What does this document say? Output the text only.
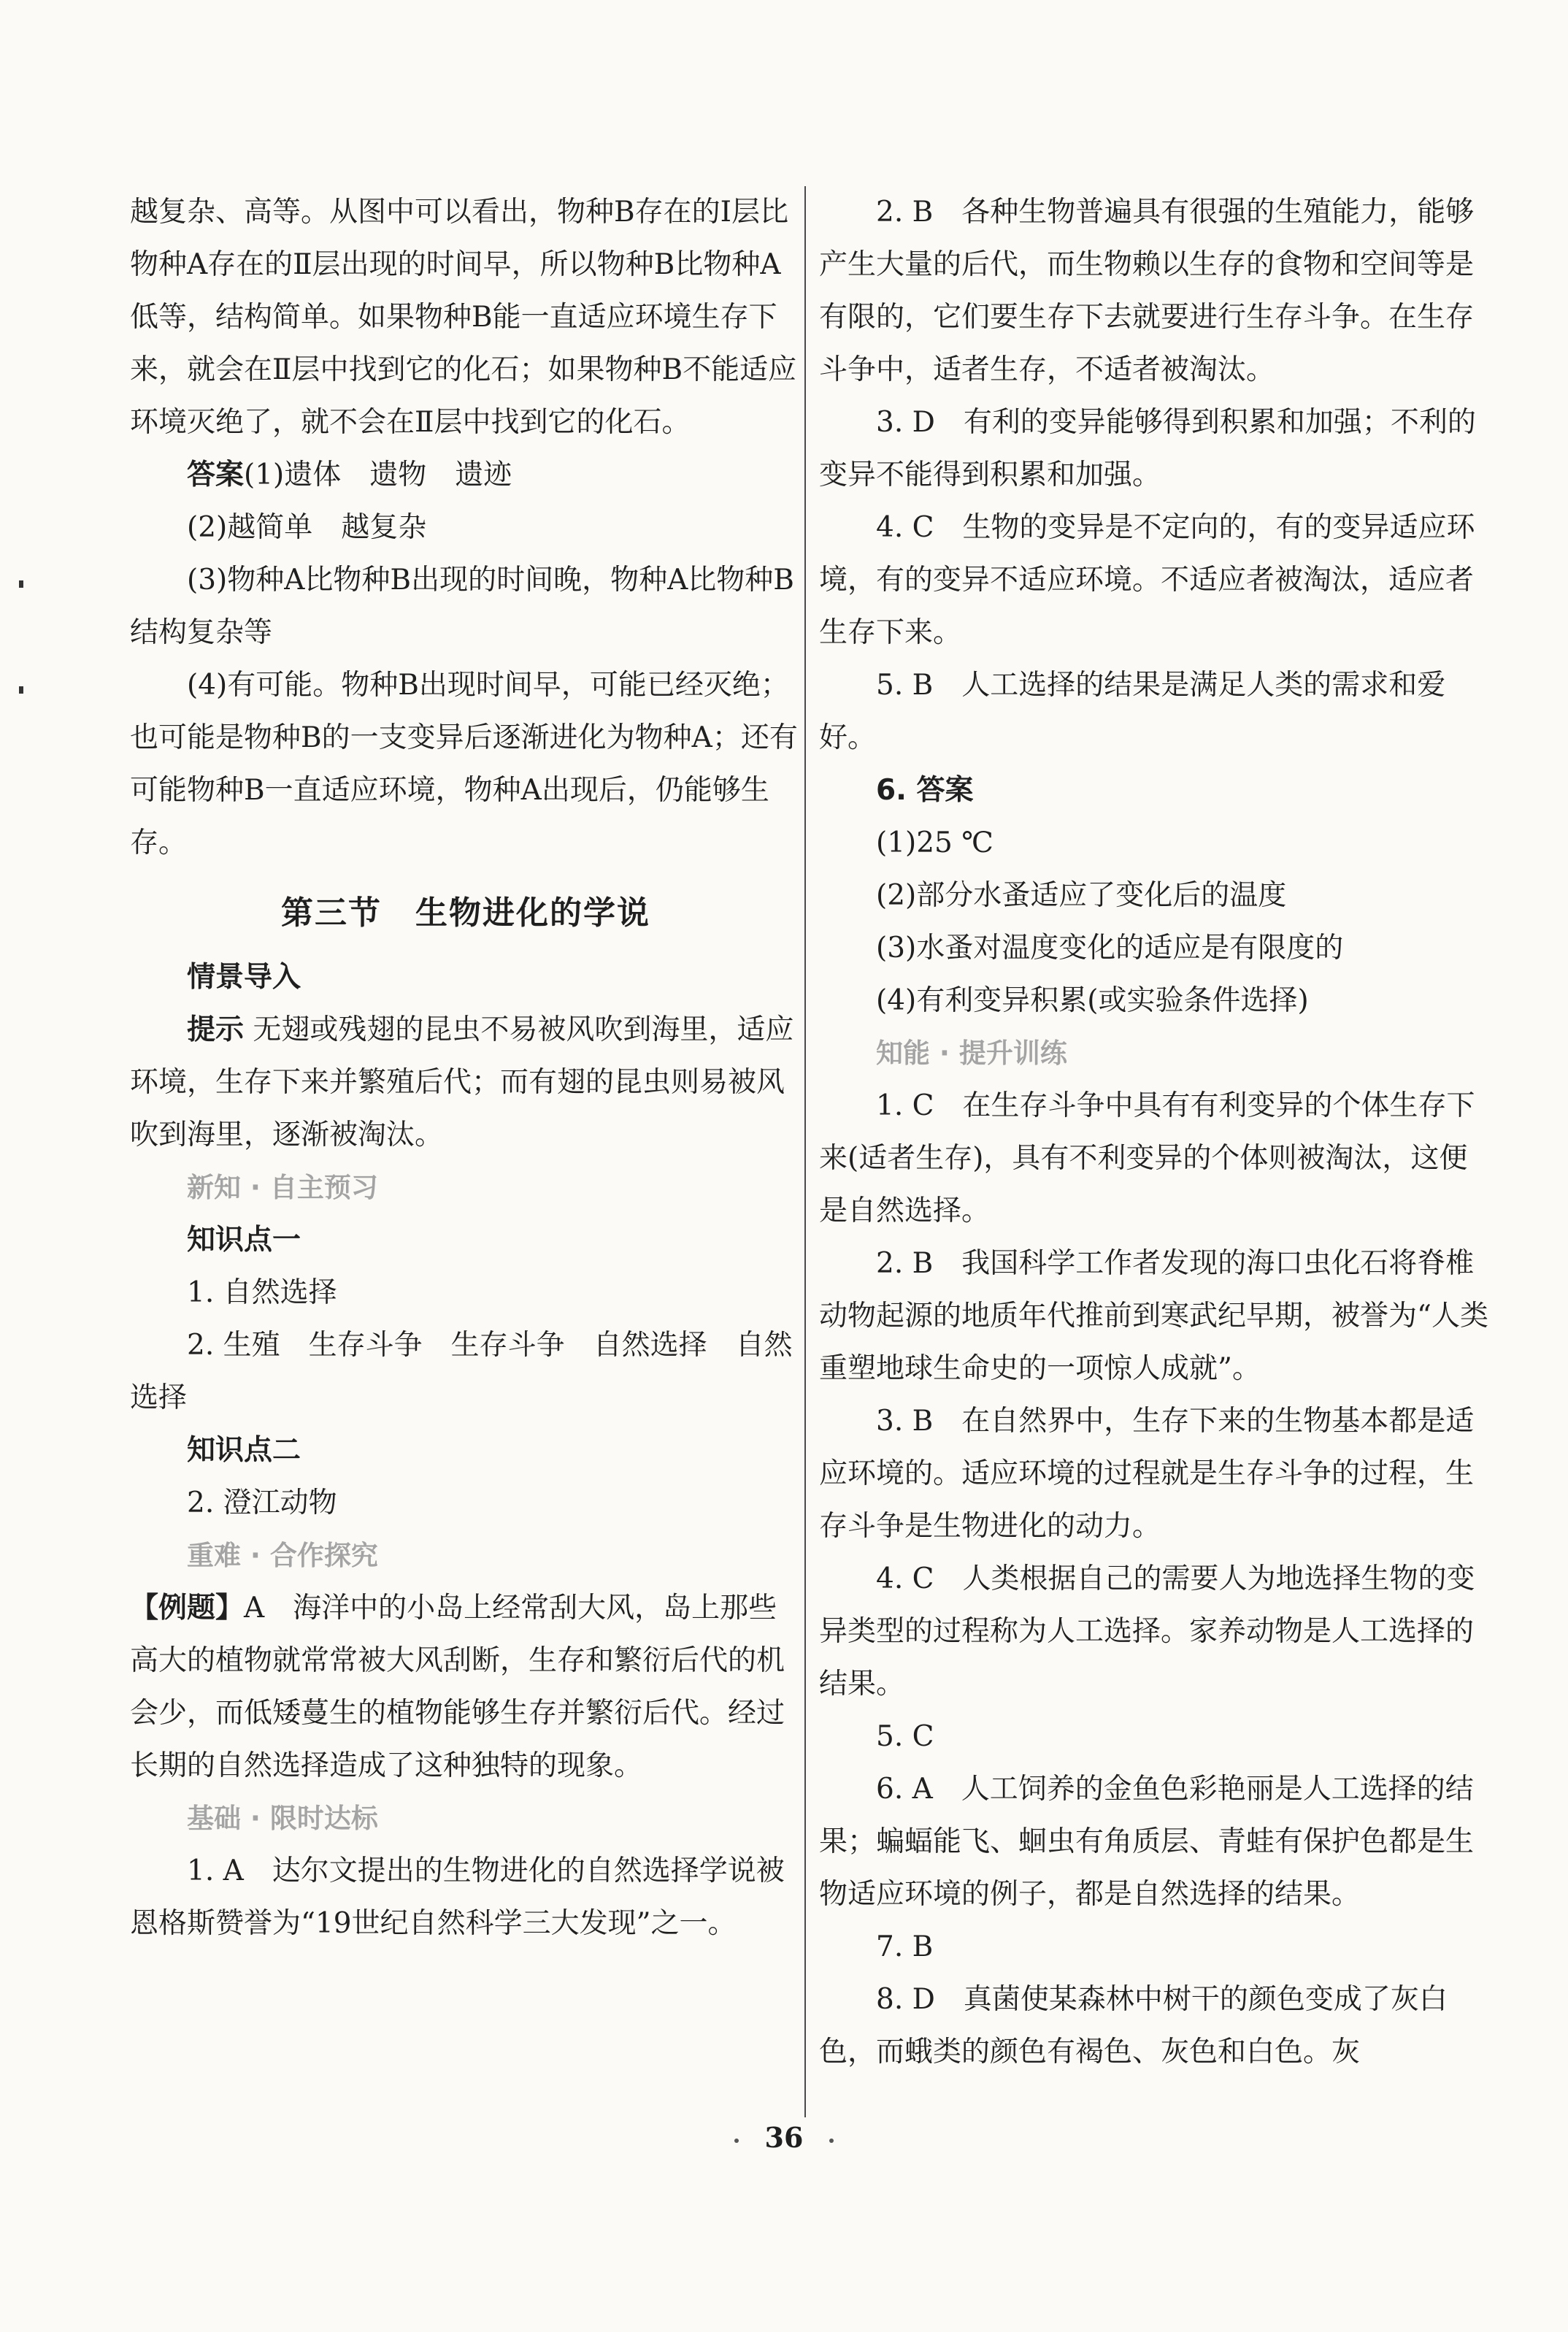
越复杂、高等。从图中可以看出，物种B存在的Ⅰ层比物种A存在的Ⅱ层出现的时间早，所以物种B比物种A低等，结构简单。如果物种B能一直适应环境生存下来，就会在Ⅱ层中找到它的化石；如果物种B不能适应环境灭绝了，就不会在Ⅱ层中找到它的化石。

答案(1)遗体　遗物　遗迹

(2)越简单　越复杂

(3)物种A比物种B出现的时间晚，物种A比物种B结构复杂等

(4)有可能。物种B出现时间早，可能已经灭绝；也可能是物种B的一支变异后逐渐进化为物种A；还有可能物种B一直适应环境，物种A出现后，仍能够生存。

第三节　生物进化的学说

情景导入

提示 无翅或残翅的昆虫不易被风吹到海里，适应环境，生存下来并繁殖后代；而有翅的昆虫则易被风吹到海里，逐渐被淘汰。

新知 · 自主预习

知识点一

1. 自然选择

2. 生殖　生存斗争　生存斗争　自然选择　自然选择

知识点二

2. 澄江动物

重难 · 合作探究

【例题】A　海洋中的小岛上经常刮大风，岛上那些高大的植物就常常被大风刮断，生存和繁衍后代的机会少，而低矮蔓生的植物能够生存并繁衍后代。经过长期的自然选择造成了这种独特的现象。

基础 · 限时达标

1. A　达尔文提出的生物进化的自然选择学说被恩格斯赞誉为“19世纪自然科学三大发现”之一。

2. B　各种生物普遍具有很强的生殖能力，能够产生大量的后代，而生物赖以生存的食物和空间等是有限的，它们要生存下去就要进行生存斗争。在生存斗争中，适者生存，不适者被淘汰。

3. D　有利的变异能够得到积累和加强；不利的变异不能得到积累和加强。

4. C　生物的变异是不定向的，有的变异适应环境，有的变异不适应环境。不适应者被淘汰，适应者生存下来。

5. B　人工选择的结果是满足人类的需求和爱好。

6. 答案

(1)25 ℃

(2)部分水蚤适应了变化后的温度

(3)水蚤对温度变化的适应是有限度的

(4)有利变异积累(或实验条件选择)

知能 · 提升训练

1. C　在生存斗争中具有有利变异的个体生存下来(适者生存)，具有不利变异的个体则被淘汰，这便是自然选择。

2. B　我国科学工作者发现的海口虫化石将脊椎动物起源的地质年代推前到寒武纪早期，被誉为“人类重塑地球生命史的一项惊人成就”。

3. B　在自然界中，生存下来的生物基本都是适应环境的。适应环境的过程就是生存斗争的过程，生存斗争是生物进化的动力。

4. C　人类根据自己的需要人为地选择生物的变异类型的过程称为人工选择。家养动物是人工选择的结果。

5. C

6. A　人工饲养的金鱼色彩艳丽是人工选择的结果；蝙蝠能飞、蛔虫有角质层、青蛙有保护色都是生物适应环境的例子，都是自然选择的结果。

7. B

8. D　真菌使某森林中树干的颜色变成了灰白色，而蛾类的颜色有褐色、灰色和白色。灰

36
